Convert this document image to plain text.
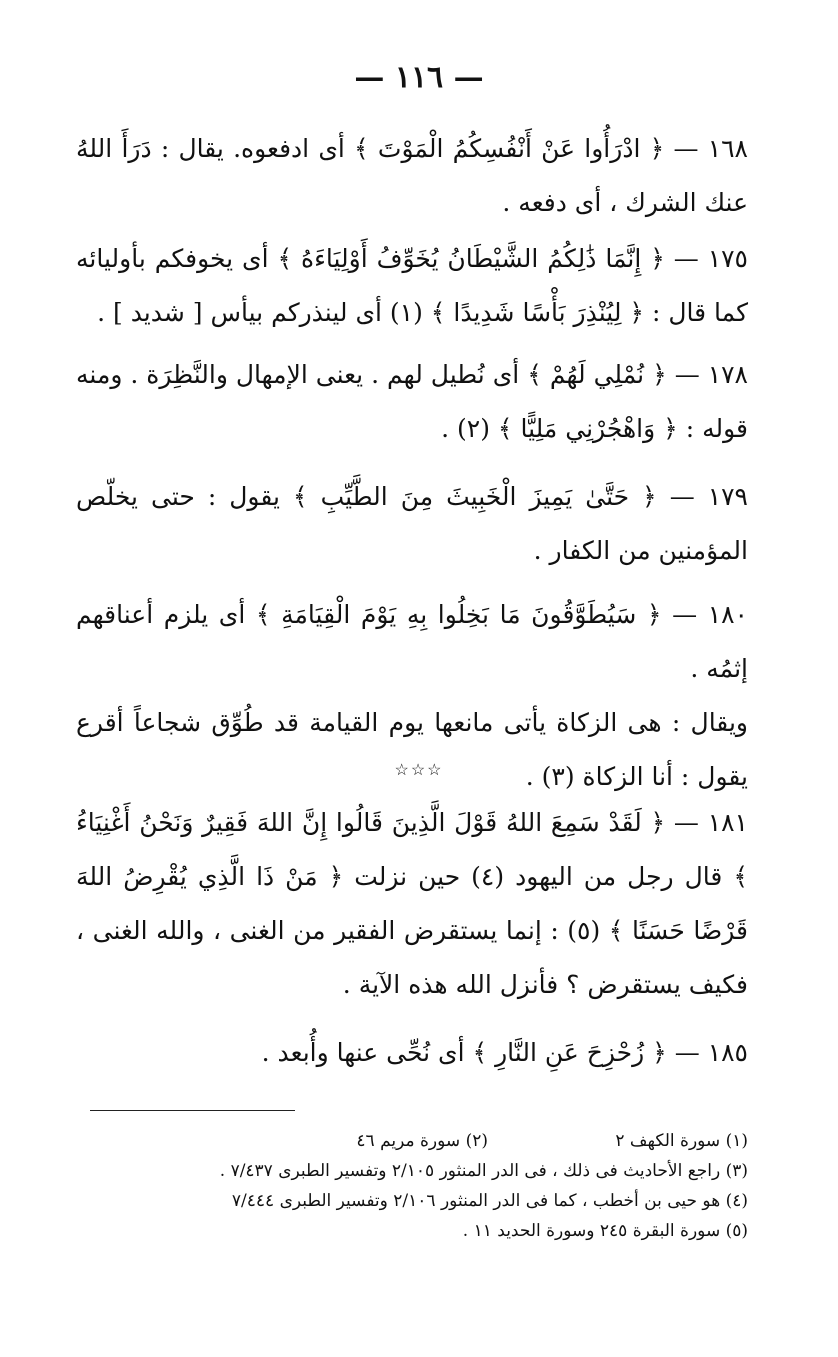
— ١١٦ —
١٦٨ — ﴿ ادْرَأُوا عَنْ أَنْفُسِكُمُ الْمَوْتَ ﴾ أى ادفعوه. يقال : دَرَأَ اللهُ عنك الشرك ، أى دفعه .
١٧٥ — ﴿ إِنَّمَا ذَٰلِكُمُ الشَّيْطَانُ يُخَوِّفُ أَوْلِيَاءَهُ ﴾ أى يخوفكم بأوليائه كما قال : ﴿ لِيُنْذِرَ بَأْسًا شَدِيدًا ﴾ (١) أى لينذركم بيأس [ شديد ] .
١٧٨ — ﴿ نُمْلِي لَهُمْ ﴾ أى نُطيل لهم . يعنى الإمهال والنَّظِرَة . ومنه قوله : ﴿ وَاهْجُرْنِي مَلِيًّا ﴾ (٢) .
١٧٩ — ﴿ حَتَّىٰ يَمِيزَ الْخَبِيثَ مِنَ الطَّيِّبِ ﴾ يقول : حتى يخلّص المؤمنين من الكفار .
١٨٠ — ﴿ سَيُطَوَّقُونَ مَا بَخِلُوا بِهِ يَوْمَ الْقِيَامَةِ ﴾ أى يلزم أعناقهم إثمُه .
ويقال : هى الزكاة يأتى مانعها يوم القيامة قد طُوِّق شجاعاً أقرع يقول : أنا الزكاة (٣) .
☆☆☆
١٨١ — ﴿ لَقَدْ سَمِعَ اللهُ قَوْلَ الَّذِينَ قَالُوا إِنَّ اللهَ فَقِيرٌ وَنَحْنُ أَغْنِيَاءُ ﴾ قال رجل من اليهود (٤) حين نزلت ﴿ مَنْ ذَا الَّذِي يُقْرِضُ اللهَ قَرْضًا حَسَنًا ﴾ (٥) : إنما يستقرض الفقير من الغنى ، والله الغنى ، فكيف يستقرض ؟ فأنزل الله هذه الآية .
١٨٥ — ﴿ زُحْزِحَ عَنِ النَّارِ ﴾ أى نُحِّى عنها وأُبعد .
(١) سورة الكهف ٢
(٢) سورة مريم ٤٦
(٣) راجع الأحاديث فى ذلك ، فى الدر المنثور ٢/١٠٥ وتفسير الطبرى ٧/٤٣٧ .
(٤) هو حيى بن أخطب ، كما فى الدر المنثور ٢/١٠٦ وتفسير الطبرى ٧/٤٤٤
(٥) سورة البقرة ٢٤٥ وسورة الحديد ١١ .
